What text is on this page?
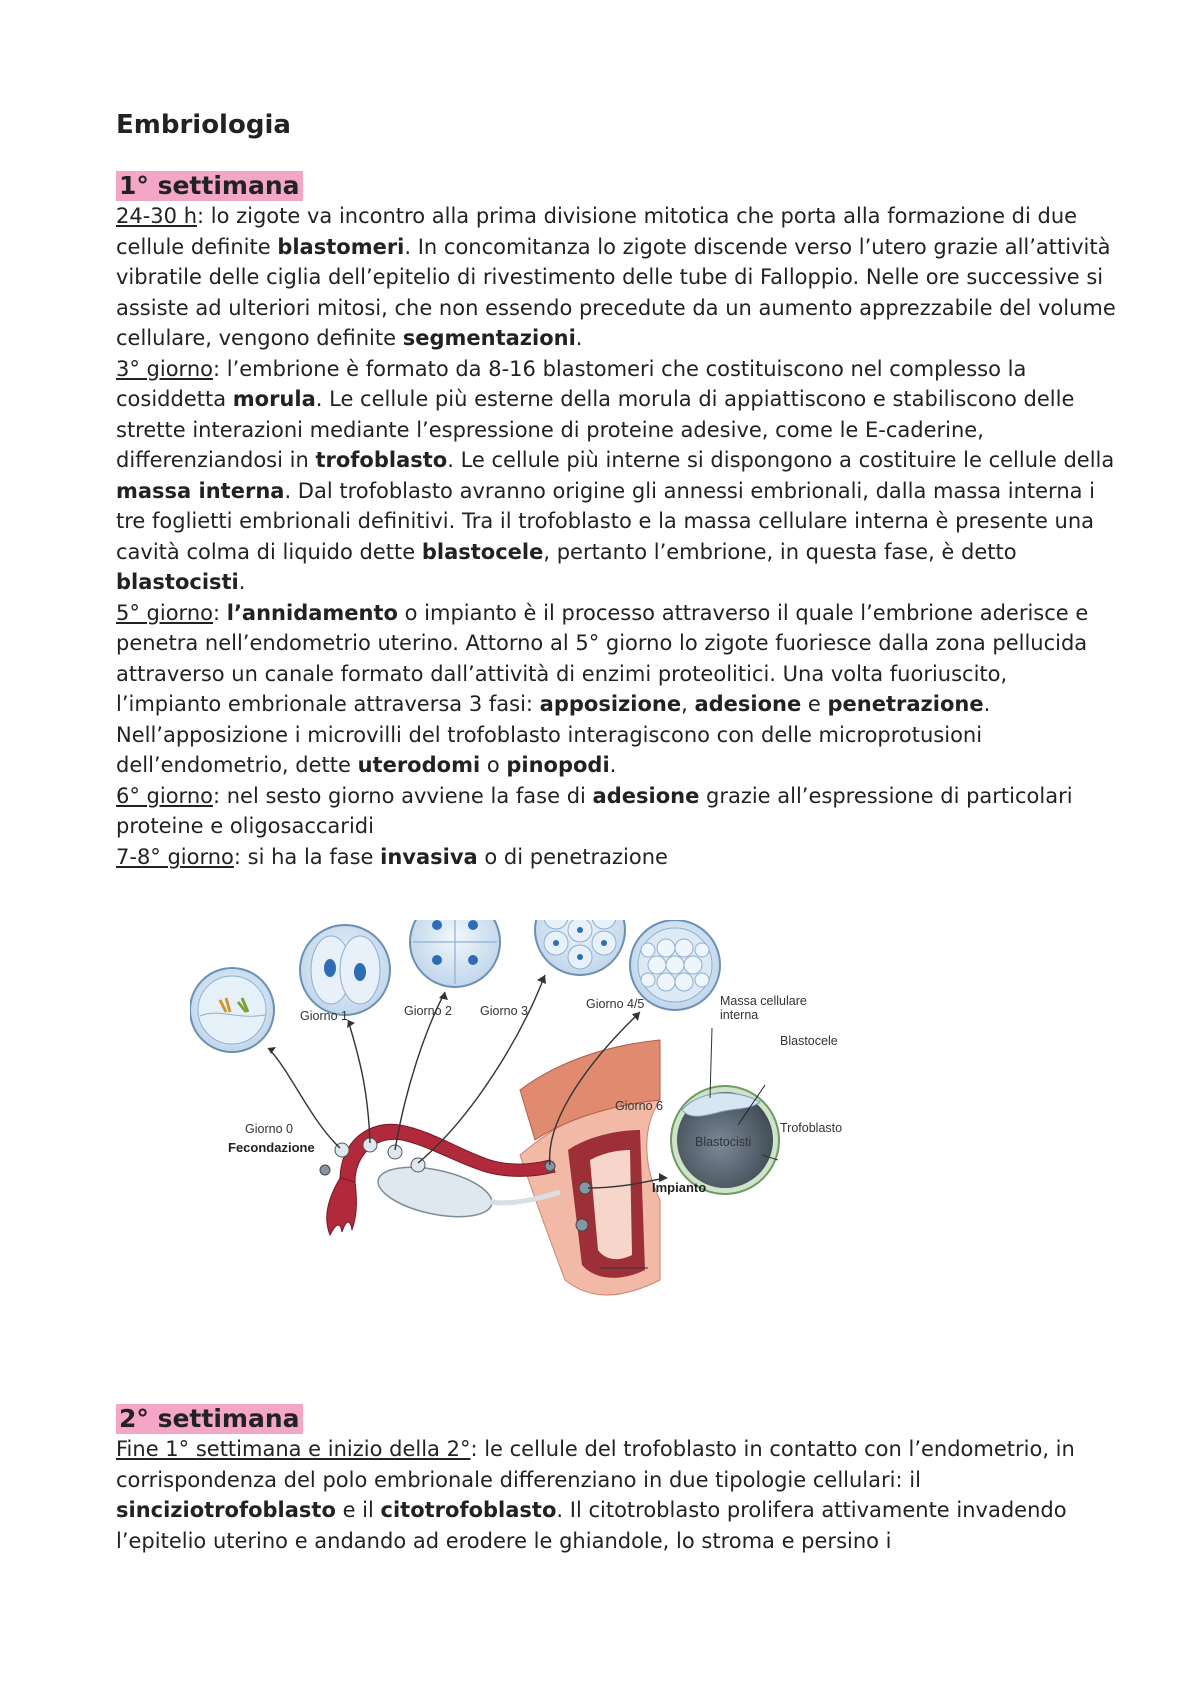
Embriologia
1° settimana

24-30 h: lo zigote va incontro alla prima divisione mitotica che porta alla formazione di due cellule definite blastomeri. In concomitanza lo zigote discende verso l’utero grazie all’attività vibratile delle ciglia dell’epitelio di rivestimento delle tube di Falloppio. Nelle ore successive si assiste ad ulteriori mitosi, che non essendo precedute da un aumento apprezzabile del volume cellulare, vengono definite segmentazioni.

3° giorno: l’embrione è formato da 8-16 blastomeri che costituiscono nel complesso la cosiddetta morula. Le cellule più esterne della morula di appiattiscono e stabiliscono delle strette interazioni mediante l’espressione di proteine adesive, come le E-caderine, differenziandosi in trofoblasto. Le cellule più interne si dispongono a costituire le cellule della massa interna. Dal trofoblasto avranno origine gli annessi embrionali, dalla massa interna i tre foglietti embrionali definitivi. Tra il trofoblasto e la massa cellulare interna è presente una cavità colma di liquido dette blastocele, pertanto l’embrione, in questa fase, è detto blastocisti.

5° giorno: l’annidamento o impianto è il processo attraverso il quale l’embrione aderisce e penetra nell’endometrio uterino. Attorno al 5° giorno lo zigote fuoriesce dalla zona pellucida attraverso un canale formato dall’attività di enzimi proteolitici. Una volta fuoriuscito, l’impianto embrionale attraversa 3 fasi: apposizione, adesione e penetrazione. Nell’apposizione i microvilli del trofoblasto interagiscono con delle microprotusioni dell’endometrio, dette uterodomi o pinopodi.

6° giorno: nel sesto giorno avviene la fase di adesione grazie all’espressione di particolari proteine e oligosaccaridi

7-8° giorno: si ha la fase invasiva o di penetrazione

Giorno 1	Giorno 2 Giorno 3	Giorno 4/5
Giorno 0
Fecondazione
Massa cellulare
interna
Blastocele
Giorno 6
Trofoblasto
Blastocisti
Impianto
2° settimana

Fine 1° settimana e inizio della 2°: le cellule del trofoblasto in contatto con l’endometrio, in corrispondenza del polo embrionale differenziano in due tipologie cellulari: il sinciziotrofoblasto e il citotrofoblasto. Il citotroblasto prolifera attivamente invadendo l’epitelio uterino e andando ad erodere le ghiandole, lo stroma e persino i
